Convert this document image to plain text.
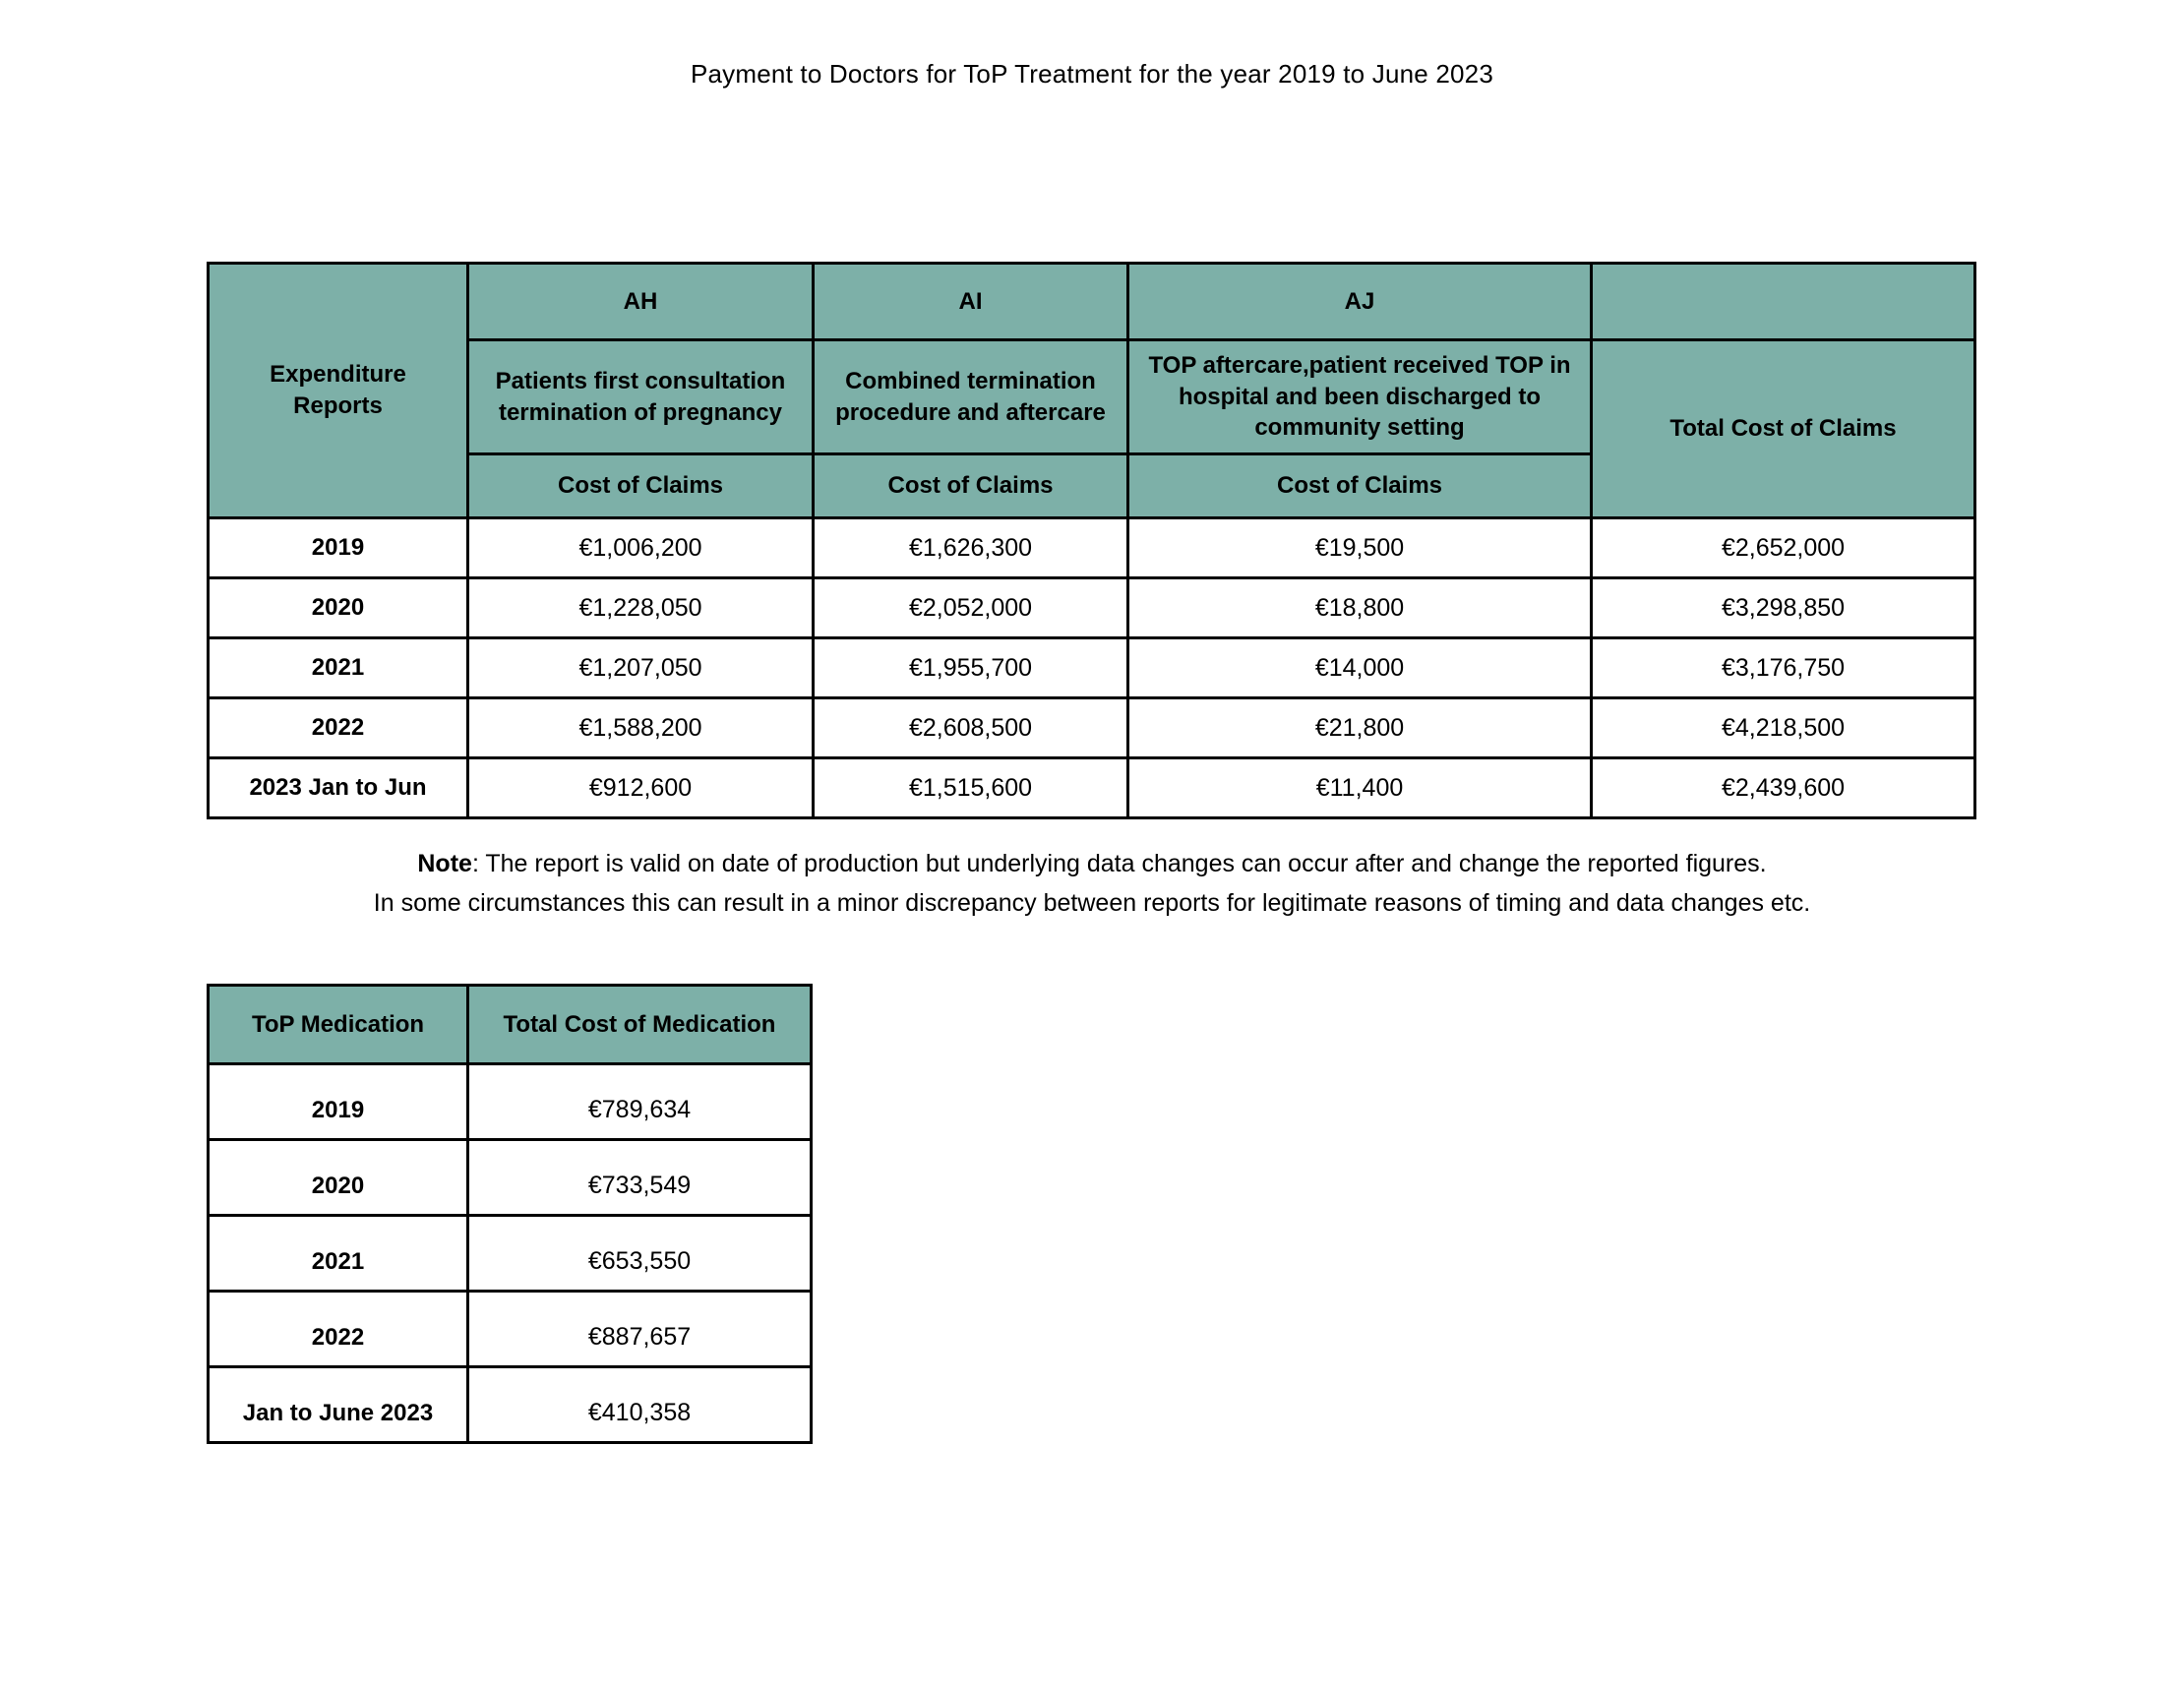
Payment to Doctors for ToP Treatment for the year 2019 to June 2023
Expenditure Reports	AH	AI	AJ	
	Patients first consultation termination of pregnancy	Combined termination procedure and aftercare	TOP aftercare,patient received TOP in hospital and been discharged to community setting	Total Cost of Claims
	Cost of Claims	Cost of Claims	Cost of Claims	
2019	€1,006,200	€1,626,300	€19,500	€2,652,000
2020	€1,228,050	€2,052,000	€18,800	€3,298,850
2021	€1,207,050	€1,955,700	€14,000	€3,176,750
2022	€1,588,200	€2,608,500	€21,800	€4,218,500
2023 Jan to Jun	€912,600	€1,515,600	€11,400	€2,439,600
Note: The report is valid on date of production but underlying data changes can occur after and change the reported figures.
In some circumstances this can result in a minor discrepancy between reports for legitimate reasons of timing and data changes etc.
ToP Medication	Total Cost of Medication
2019	€789,634
2020	€733,549
2021	€653,550
2022	€887,657
Jan to June 2023	€410,358
